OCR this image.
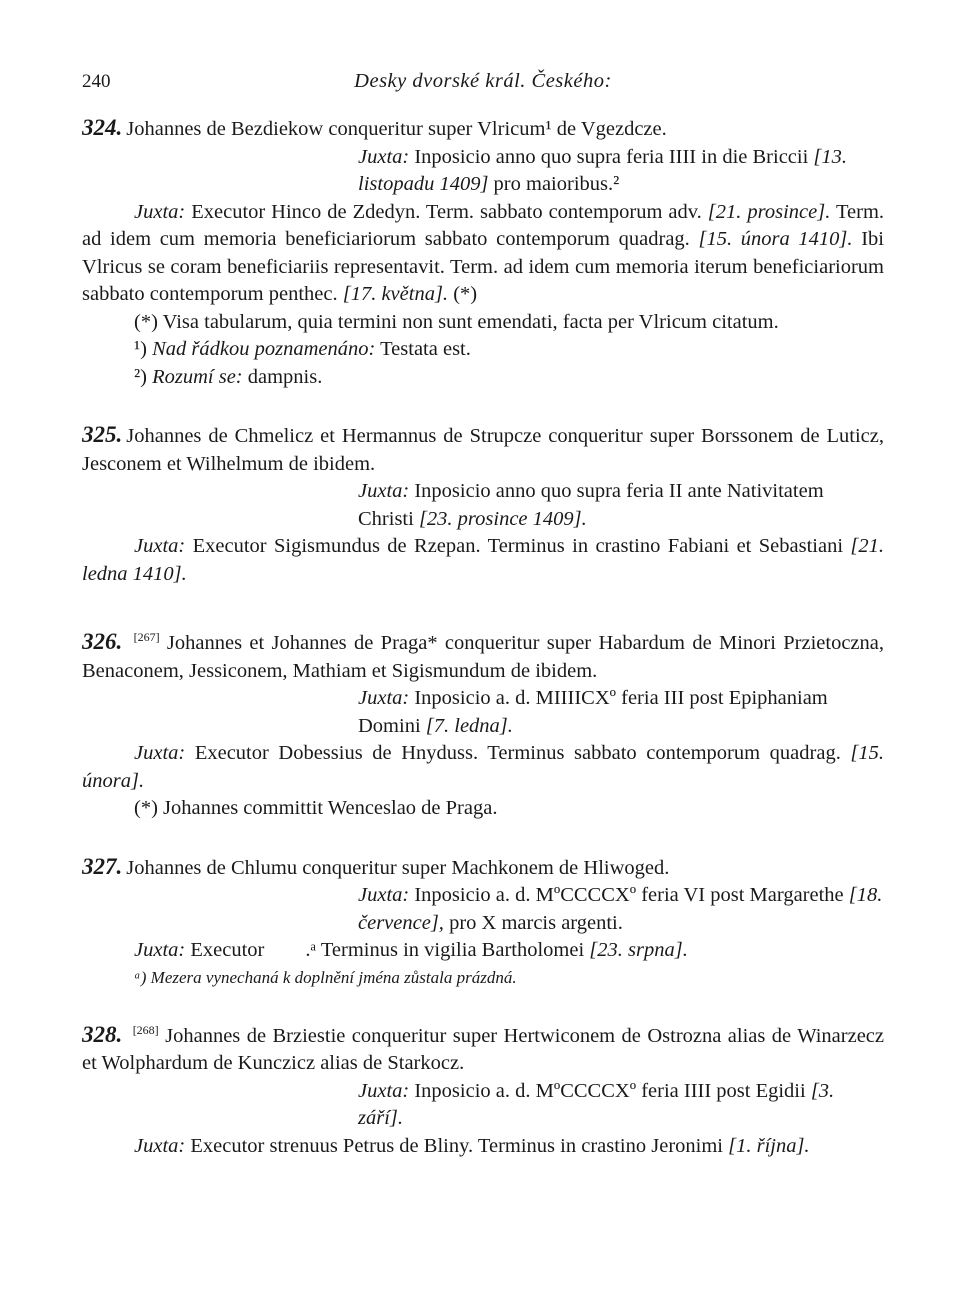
240	Desky dvorské král. Českého:

324. Johannes de Bezdiekow conqueritur super Vlricum¹ de Vgezdcze.

Juxta: Inposicio anno quo supra feria IIII in die Briccii [13. listopadu 1409] pro maioribus.²

Juxta: Executor Hinco de Zdedyn. Term. sabbato contemporum adv. [21. prosince]. Term. ad idem cum memoria beneficiariorum sabbato contemporum quadrag. [15. února 1410]. Ibi Vlricus se coram beneficiariis representavit. Term. ad idem cum memoria iterum beneficiariorum sabbato contemporum penthec. [17. května]. (*)

(*) Visa tabularum, quia termini non sunt emendati, facta per Vlricum citatum.

¹) Nad řádkou poznamenáno: Testata est.

²) Rozumí se: dampnis.

325. Johannes de Chmelicz et Hermannus de Strupcze conqueritur super Borssonem de Luticz, Jesconem et Wilhelmum de ibidem.

Juxta: Inposicio anno quo supra feria II ante Nativitatem Christi [23. prosince 1409].

Juxta: Executor Sigismundus de Rzepan. Terminus in crastino Fabiani et Sebastiani [21. ledna 1410].

326. [267] Johannes et Johannes de Praga* conqueritur super Habardum de Minori Przietoczna, Benaconem, Jessiconem, Mathiam et Sigismundum de ibidem.

Juxta: Inposicio a. d. MIIIICXº feria III post Epiphaniam Domini [7. ledna].

Juxta: Executor Dobessius de Hnyduss. Terminus sabbato contemporum quadrag. [15. února].

(*) Johannes committit Wenceslao de Praga.

327. Johannes de Chlumu conqueritur super Machkonem de Hliwoged.

Juxta: Inposicio a. d. MºCCCCXº feria VI post Margarethe [18. července], pro X marcis argenti.

Juxta: Executor        .ᵃ Terminus in vigilia Bartholomei [23. srpna].

ᵃ) Mezera vynechaná k doplnění jména zůstala prázdná.

328. [268] Johannes de Brziestie conqueritur super Hertwiconem de Ostrozna alias de Winarzecz et Wolphardum de Kunczicz alias de Starkocz.

Juxta: Inposicio a. d. MºCCCCXº feria IIII post Egidii [3. září].

Juxta: Executor strenuus Petrus de Bliny. Terminus in crastino Jeronimi [1. října].
